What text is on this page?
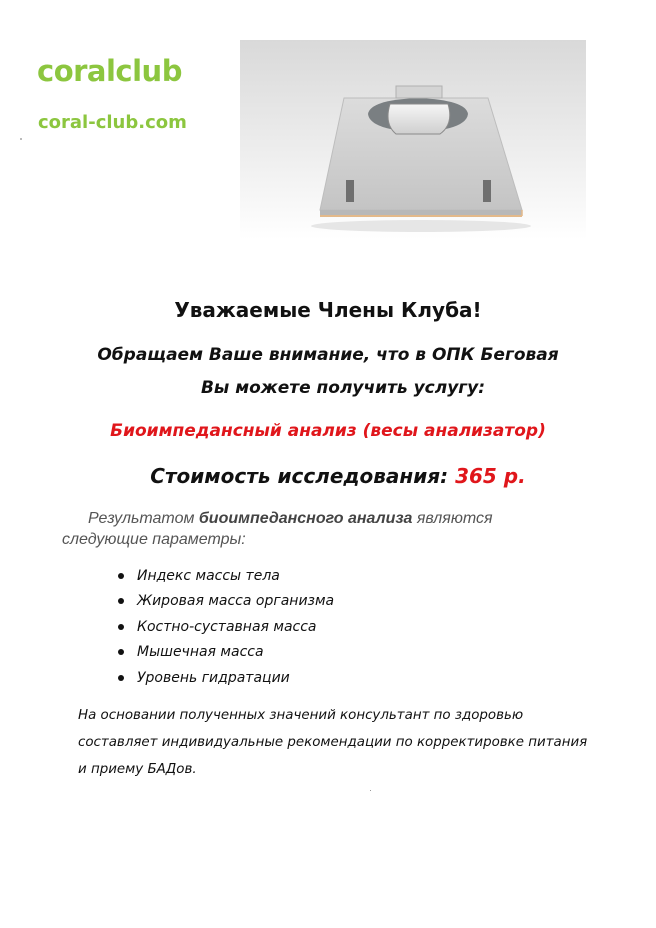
coralclub
coral-club.com
Уважаемые Члены Клуба!
Обращаем Ваше внимание, что в ОПК Беговая
Вы можете получить услугу:
Биоимпедансный анализ (весы анализатор)
Стоимость исследования: 365 р.
Результатом биоимпедансного анализа являются следующие параметры:
Индекс массы тела
Жировая масса организма
Костно-суставная масса
Мышечная масса
Уровень гидратации
На основании полученных значений консультант по здоровью составляет индивидуальные рекомендации по корректировке питания и приему БАДов.
